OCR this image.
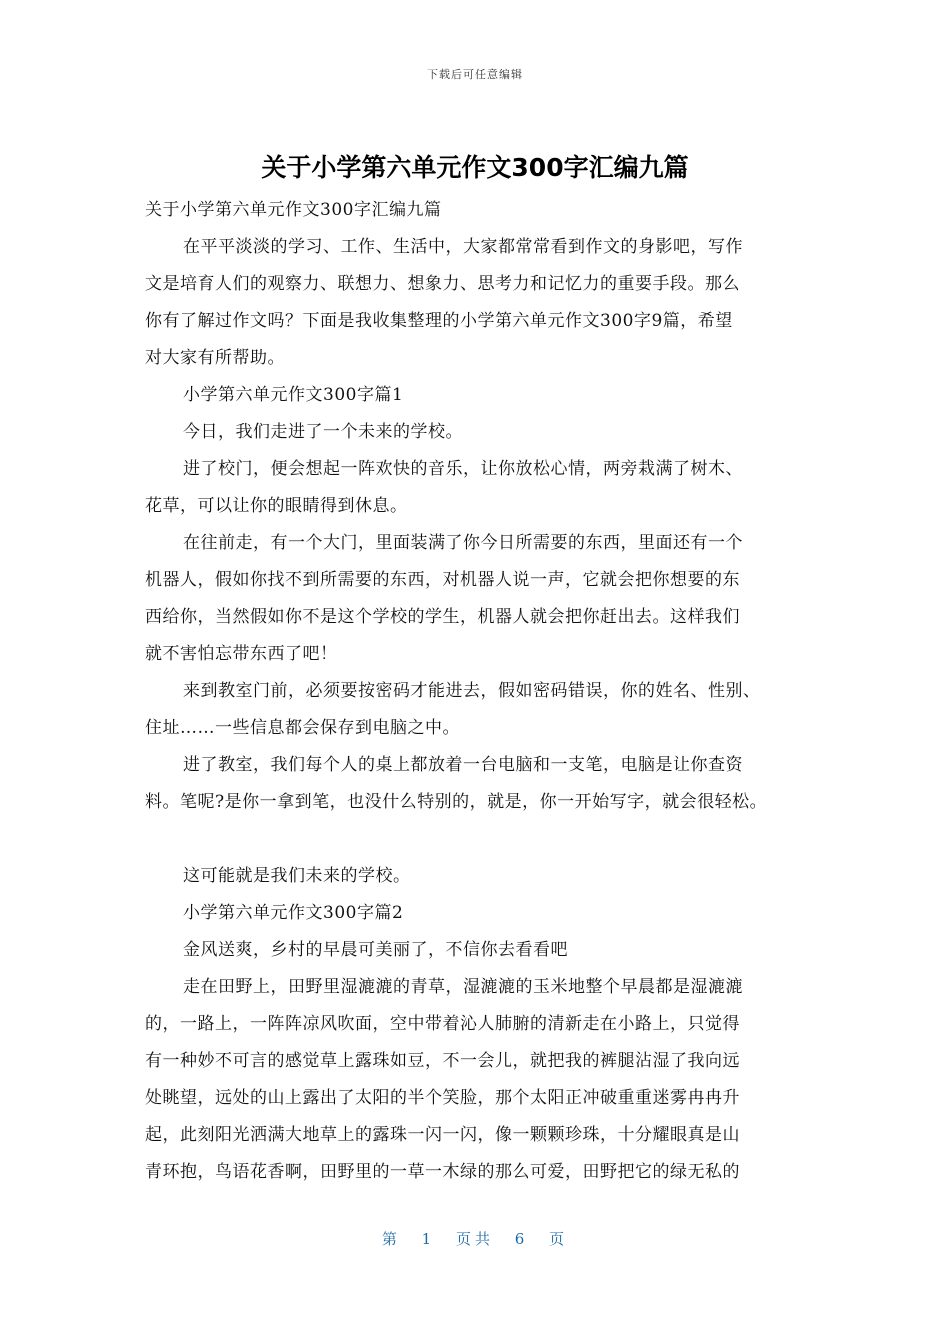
下载后可任意编辑
关于小学第六单元作文300字汇编九篇
关于小学第六单元作文300字汇编九篇
在平平淡淡的学习、工作、生活中，大家都常常看到作文的身影吧，写作
文是培育人们的观察力、联想力、想象力、思考力和记忆力的重要手段。那么
你有了解过作文吗？下面是我收集整理的小学第六单元作文300字9篇，希望
对大家有所帮助。
小学第六单元作文300字篇1
今日，我们走进了一个未来的学校。
进了校门，便会想起一阵欢快的音乐，让你放松心情，两旁栽满了树木、
花草，可以让你的眼睛得到休息。
在往前走，有一个大门，里面装满了你今日所需要的东西，里面还有一个
机器人，假如你找不到所需要的东西，对机器人说一声，它就会把你想要的东
西给你，当然假如你不是这个学校的学生，机器人就会把你赶出去。这样我们
就不害怕忘带东西了吧！
来到教室门前，必须要按密码才能进去，假如密码错误，你的姓名、性别、
住址……一些信息都会保存到电脑之中。
进了教室，我们每个人的桌上都放着一台电脑和一支笔，电脑是让你查资
料。笔呢?是你一拿到笔，也没什么特别的，就是，你一开始写字，就会很轻松。
这可能就是我们未来的学校。
小学第六单元作文300字篇2
金风送爽，乡村的早晨可美丽了，不信你去看看吧
走在田野上，田野里湿漉漉的青草，湿漉漉的玉米地整个早晨都是湿漉漉
的，一路上，一阵阵凉风吹面，空中带着沁人肺腑的清新走在小路上，只觉得
有一种妙不可言的感觉草上露珠如豆，不一会儿，就把我的裤腿沾湿了我向远
处眺望，远处的山上露出了太阳的半个笑脸，那个太阳正冲破重重迷雾冉冉升
起，此刻阳光洒满大地草上的露珠一闪一闪，像一颗颗珍珠，十分耀眼真是山
青环抱，鸟语花香啊，田野里的一草一木绿的那么可爱，田野把它的绿无私的
第 1 页共 6 页
